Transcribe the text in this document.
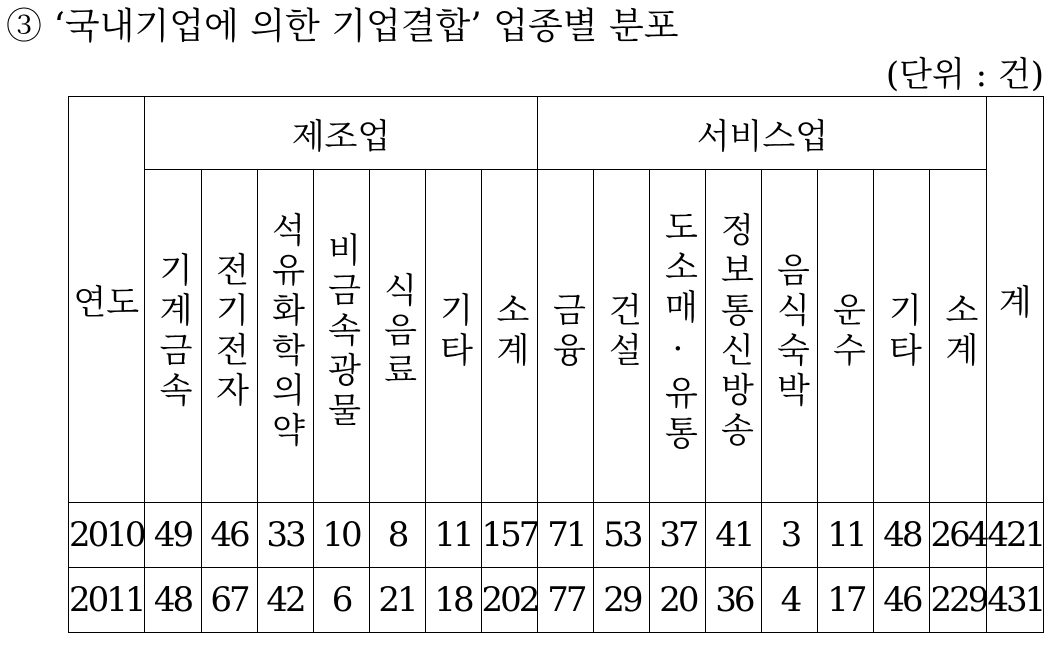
③ ‘국내기업에 의한 기업결합’ 업종별 분포
(단위 : 건)
연도	제조업							서비스업								계
	기계금속	전기전자	석유화학의약	비금속광물	식음료	기타	소계	금융	건설	도소매·유통	정보통신방송	음식숙박	운수	기타	소계	
2010	49	46	33	10	8	11	157	71	53	37	41	3	11	48	264	421
2011	48	67	42	6	21	18	202	77	29	20	36	4	17	46	229	431
